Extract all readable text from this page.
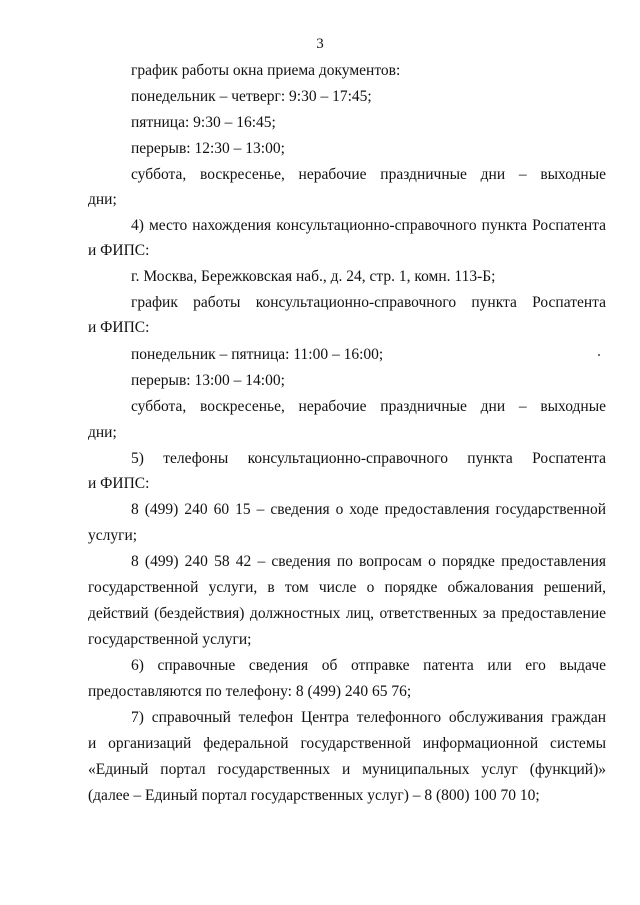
3
график работы окна приема документов:
понедельник – четверг: 9:30 – 17:45;
пятница: 9:30 – 16:45;
перерыв: 12:30 – 13:00;
суббота, воскресенье, нерабочие праздничные дни – выходные
дни;
4) место нахождения консультационно-справочного пункта Роспатента
и ФИПС:
г. Москва, Бережковская наб., д. 24, стр. 1, комн. 113-Б;
график работы консультационно-справочного пункта Роспатента
и ФИПС:
понедельник – пятница: 11:00 – 16:00;
перерыв: 13:00 – 14:00;
суббота, воскресенье, нерабочие праздничные дни – выходные
дни;
5) телефоны консультационно-справочного пункта Роспатента
и ФИПС:
8 (499) 240 60 15 – сведения о ходе предоставления государственной
услуги;
8 (499) 240 58 42 – сведения по вопросам о порядке предоставления
государственной услуги, в том числе о порядке обжалования решений,
действий (бездействия) должностных лиц, ответственных за предоставление
государственной услуги;
6) справочные сведения об отправке патента или его выдаче
предоставляются по телефону: 8 (499) 240 65 76;
7) справочный телефон Центра телефонного обслуживания граждан
и организаций федеральной государственной информационной системы
«Единый портал государственных и муниципальных услуг (функций)»
(далее – Единый портал государственных услуг) – 8 (800) 100 70 10;
